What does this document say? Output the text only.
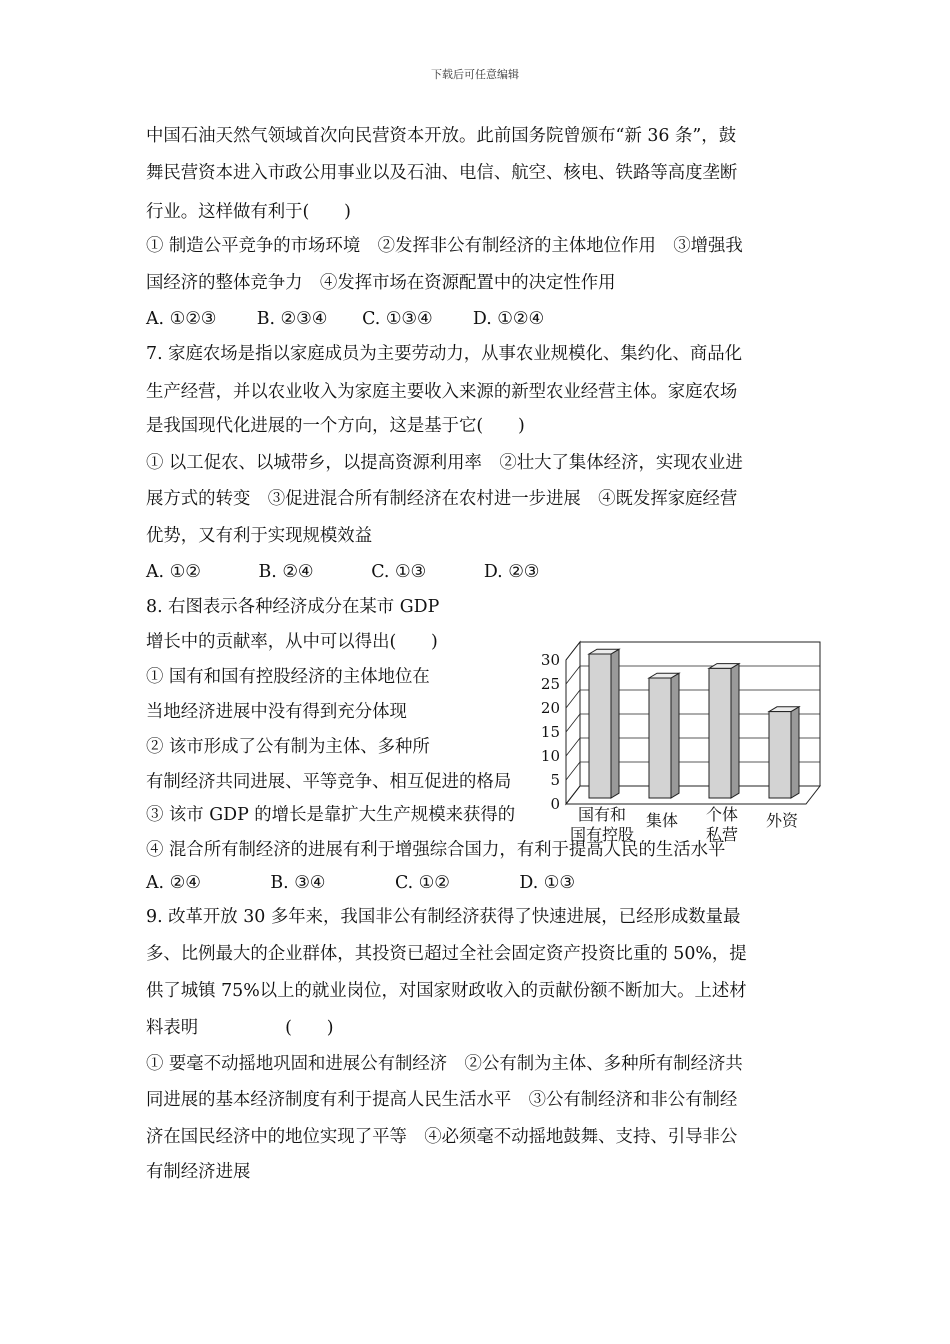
下载后可任意编辑
中国石油天然气领域首次向民营资本开放。此前国务院曾颁布“新 36 条”，鼓
舞民营资本进入市政公用事业以及石油、电信、航空、核电、铁路等高度垄断
行业。这样做有利于(　　)
① 制造公平竞争的市场环境　②发挥非公有制经济的主体地位作用　③增强我
国经济的整体竞争力　④发挥市场在资源配置中的决定性作用
A. ①②③　　 B. ②③④　　C. ①③④　　 D. ①②④
7. 家庭农场是指以家庭成员为主要劳动力，从事农业规模化、集约化、商品化
生产经营，并以农业收入为家庭主要收入来源的新型农业经营主体。家庭农场
是我国现代化进展的一个方向，这是基于它(　　)
① 以工促农、以城带乡，以提高资源利用率　②壮大了集体经济，实现农业进
展方式的转变　③促进混合所有制经济在农村进一步进展　④既发挥家庭经营
优势，又有利于实现规模效益
A. ①②　　　 B. ②④　　　 C. ①③　　　 D. ②③
8. 右图表示各种经济成分在某市 GDP
增长中的贡献率，从中可以得出(　　)
① 国有和国有控股经济的主体地位在
当地经济进展中没有得到充分体现
② 该市形成了公有制为主体、多种所
有制经济共同进展、平等竞争、相互促进的格局
③ 该市 GDP 的增长是靠扩大生产规模来获得的
④ 混合所有制经济的进展有利于增强综合国力，有利于提高人民的生活水平
A. ②④　　　　B. ③④　　　　C. ①②　　　　D. ①③
9. 改革开放 30 多年来，我国非公有制经济获得了快速进展，已经形成数量最
多、比例最大的企业群体，其投资已超过全社会固定资产投资比重的 50%，提
供了城镇 75%以上的就业岗位，对国家财政收入的贡献份额不断加大。上述材
料表明　　　　　(　　)
① 要毫不动摇地巩固和进展公有制经济　②公有制为主体、多种所有制经济共
同进展的基本经济制度有利于提高人民生活水平　③公有制经济和非公有制经
济在国民经济中的地位实现了平等　④必须毫不动摇地鼓舞、支持、引导非公
有制经济进展
0
5
10
15
20
25
30
国有和
国有控股
集体 个体
私营
外资
